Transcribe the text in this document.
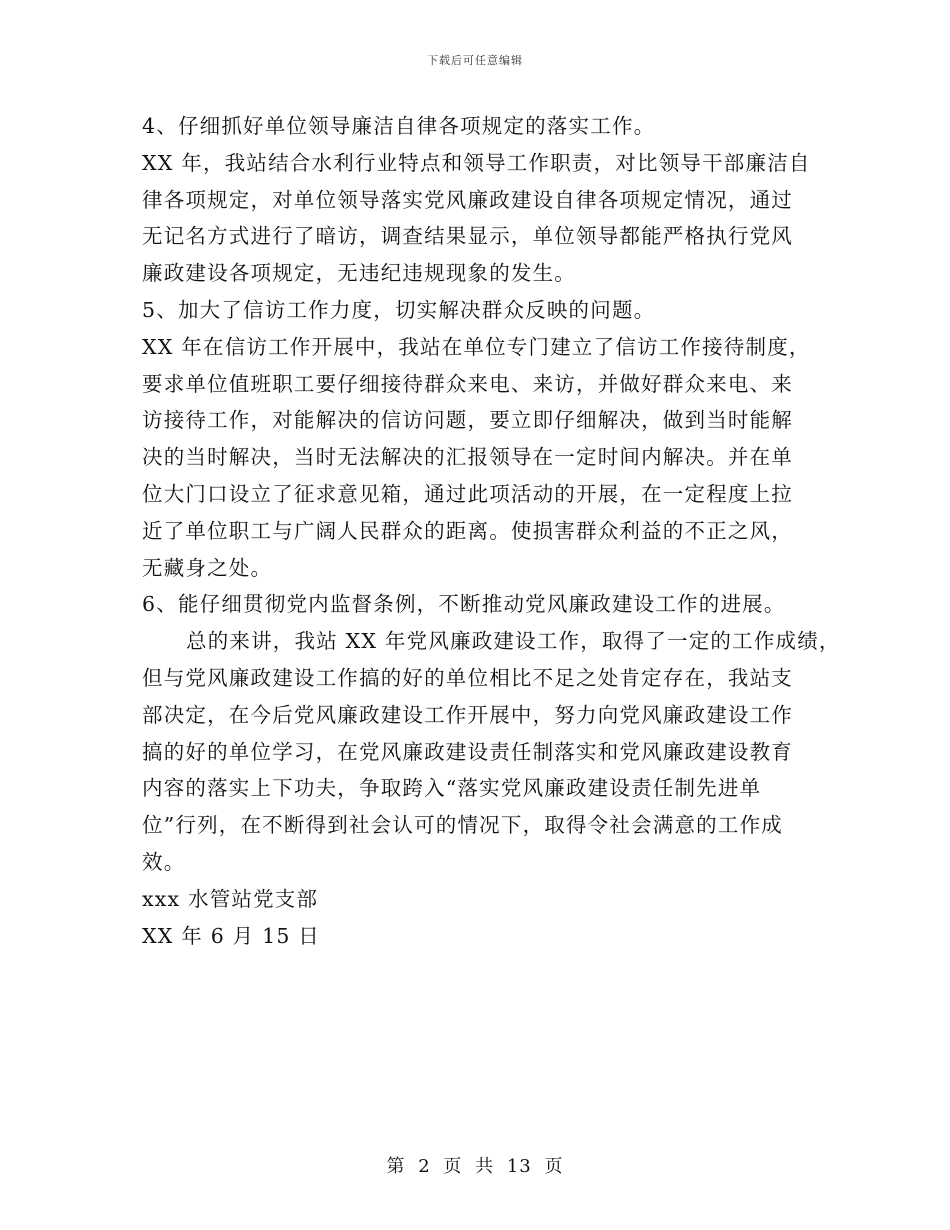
下载后可任意编辑
4、仔细抓好单位领导廉洁自律各项规定的落实工作。
XX 年，我站结合水利行业特点和领导工作职责，对比领导干部廉洁自
律各项规定，对单位领导落实党风廉政建设自律各项规定情况，通过
无记名方式进行了暗访，调查结果显示，单位领导都能严格执行党风
廉政建设各项规定，无违纪违规现象的发生。
5、加大了信访工作力度，切实解决群众反映的问题。
XX 年在信访工作开展中，我站在单位专门建立了信访工作接待制度，
要求单位值班职工要仔细接待群众来电、来访，并做好群众来电、来
访接待工作，对能解决的信访问题，要立即仔细解决，做到当时能解
决的当时解决，当时无法解决的汇报领导在一定时间内解决。并在单
位大门口设立了征求意见箱，通过此项活动的开展，在一定程度上拉
近了单位职工与广阔人民群众的距离。使损害群众利益的不正之风，
无藏身之处。
6、能仔细贯彻党内监督条例，不断推动党风廉政建设工作的进展。
总的来讲，我站 XX 年党风廉政建设工作，取得了一定的工作成绩，
但与党风廉政建设工作搞的好的单位相比不足之处肯定存在，我站支
部决定，在今后党风廉政建设工作开展中，努力向党风廉政建设工作
搞的好的单位学习，在党风廉政建设责任制落实和党风廉政建设教育
内容的落实上下功夫，争取跨入“落实党风廉政建设责任制先进单
位”行列，在不断得到社会认可的情况下，取得令社会满意的工作成
效。
xxx 水管站党支部
XX 年 6 月 15 日
第 2 页 共 13 页
